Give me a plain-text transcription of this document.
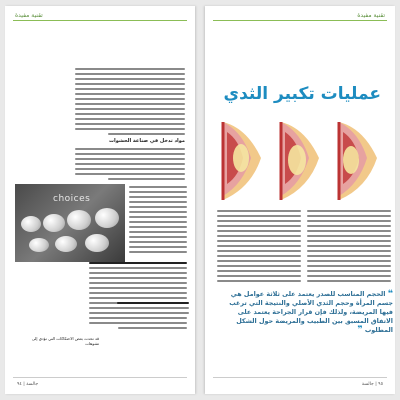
تقنية مفيدة
مواد تدخل في صناعة الحشوات
choices
قد تحدث بعض الاحتكاكات التي تؤدي إلى تشوهات
جالسة | ٩٤
تقنية مفيدة
عمليات تكبير الثدي
❝ الحجم المناسب للصدر يعتمد على ثلاثة عوامل هي جسم المرأة وحجم الثدي الأصلي والنتيجة التي ترغب فيها المريضة، ولذلك فإن قرار الجراحة يعتمد على الاتفاق المسبق بين الطبيب والمريضة حول الشكل المطلوب ❞
٩٥ | جالسة
